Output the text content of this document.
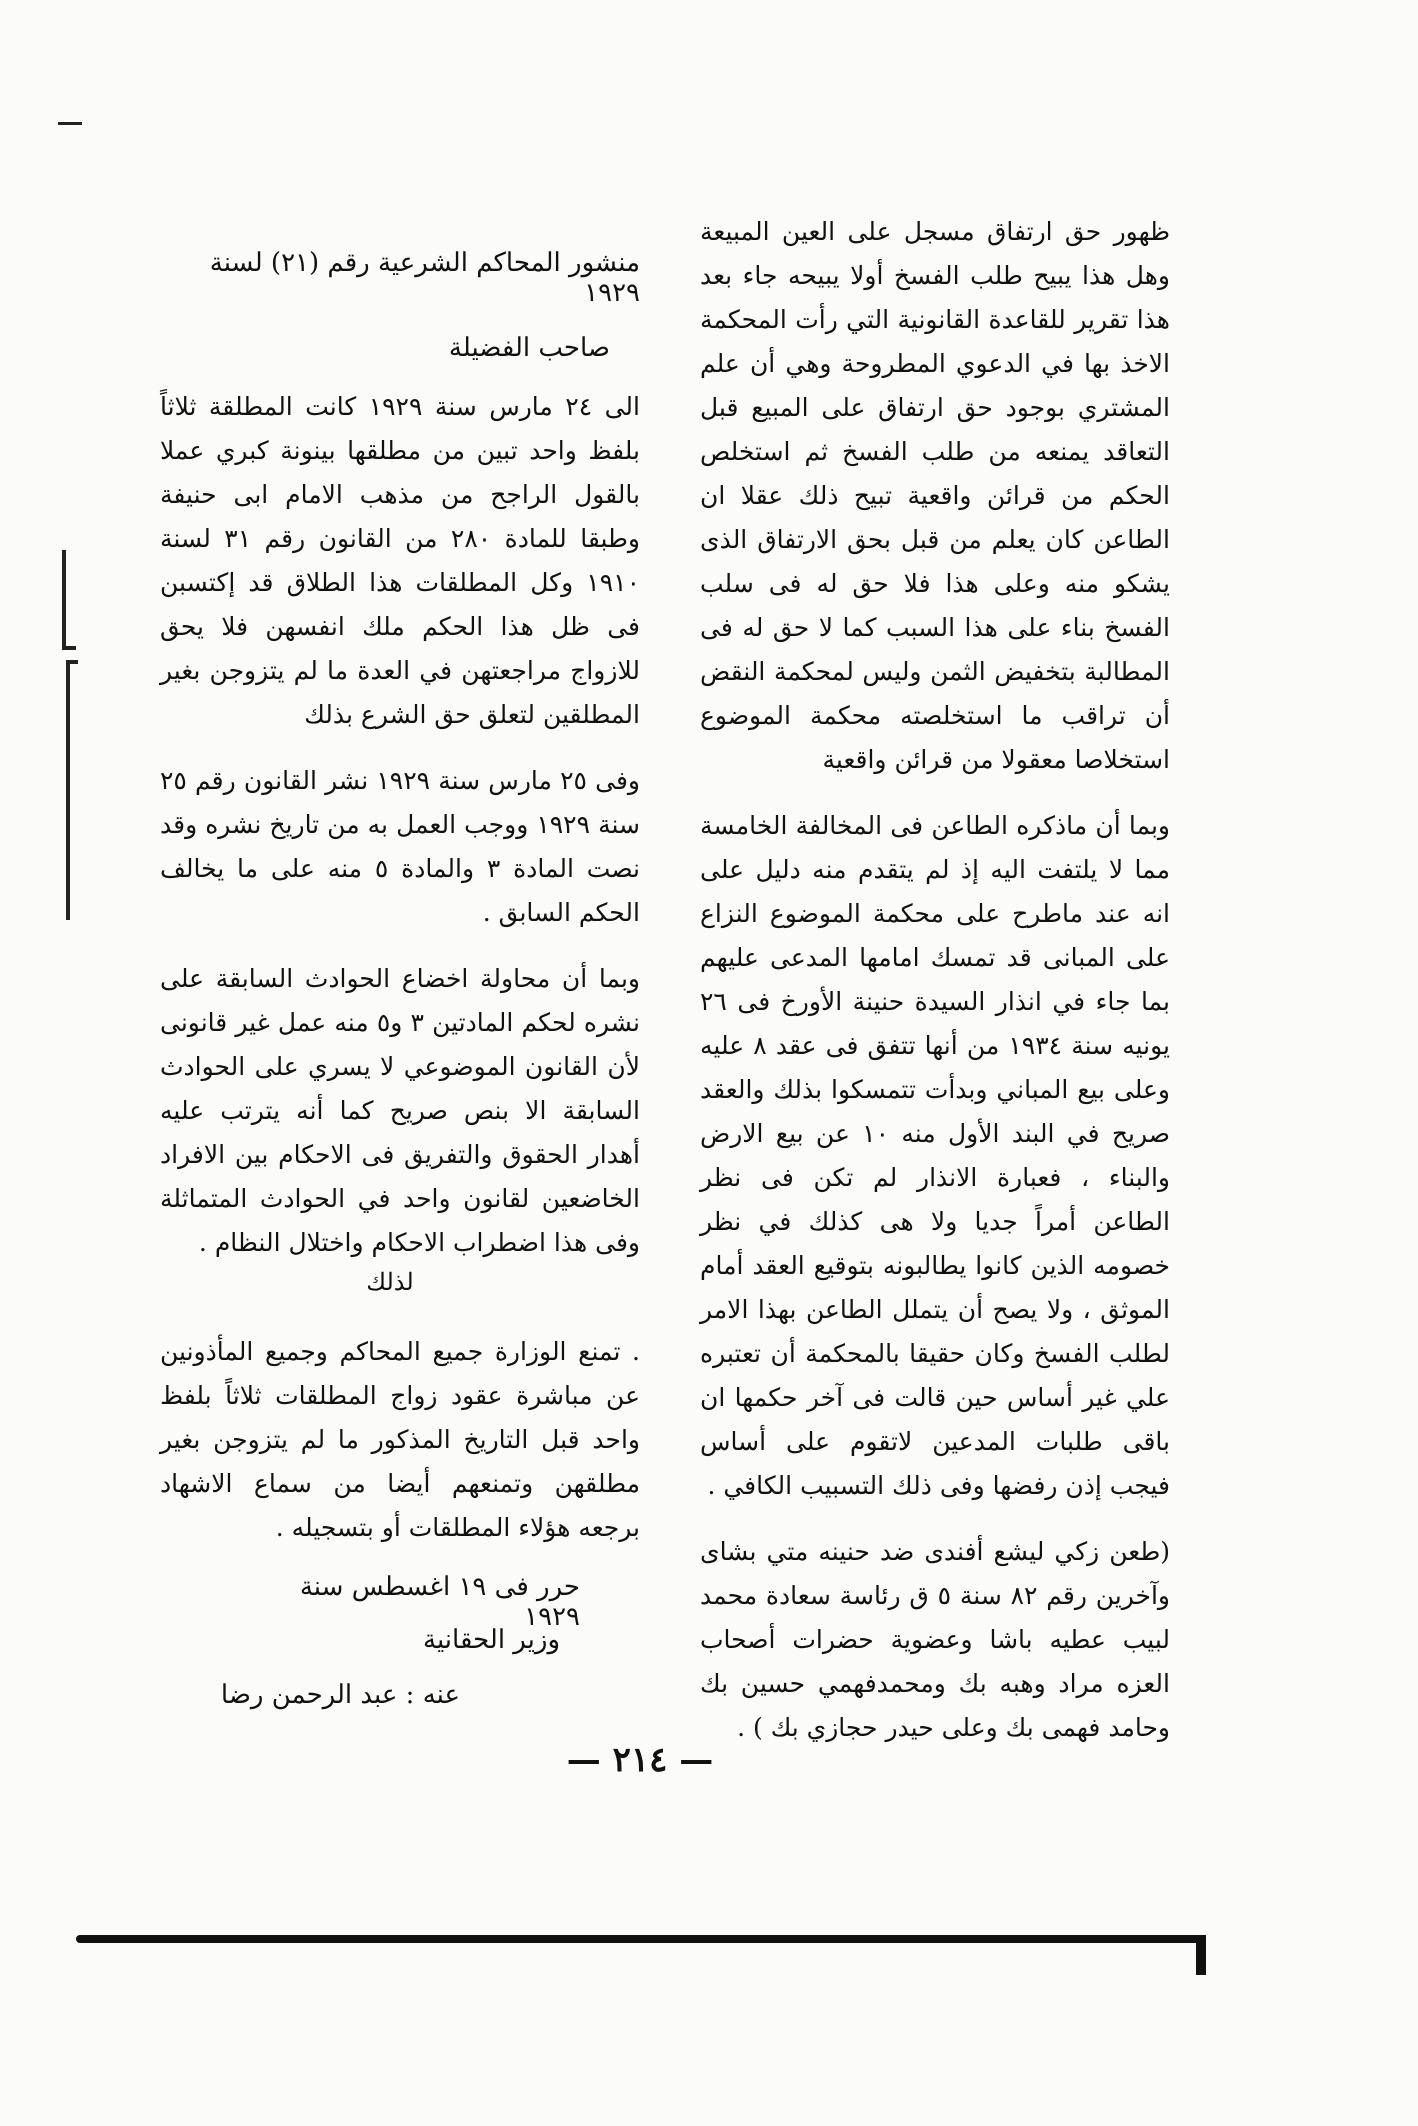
ظهور حق ارتفاق مسجل على العين المبيعة وهل هذا يبيح طلب الفسخ أولا يبيحه جاء بعد هذا تقرير للقاعدة القانونية التي رأت المحكمة الاخذ بها في الدعوي المطروحة وهي أن علم المشتري بوجود حق ارتفاق على المبيع قبل التعاقد يمنعه من طلب الفسخ ثم استخلص الحكم من قرائن واقعية تبيح ذلك عقلا ان الطاعن كان يعلم من قبل بحق الارتفاق الذى يشكو منه وعلى هذا فلا حق له فى سلب الفسخ بناء على هذا السبب كما لا حق له فى المطالبة بتخفيض الثمن وليس لمحكمة النقض أن تراقب ما استخلصته محكمة الموضوع استخلاصا معقولا من قرائن واقعية

وبما أن ماذكره الطاعن فى المخالفة الخامسة مما لا يلتفت اليه إذ لم يتقدم منه دليل على انه عند ماطرح على محكمة الموضوع النزاع على المبانى قد تمسك امامها المدعى عليهم بما جاء في انذار السيدة حنينة الأورخ فى ٢٦ يونيه سنة ١٩٣٤ من أنها تتفق فى عقد ٨ عليه وعلى بيع المباني وبدأت تتمسكوا بذلك والعقد صريح في البند الأول منه ١٠ عن بيع الارض والبناء ، فعبارة الانذار لم تكن فى نظر الطاعن أمراً جديا ولا هى كذلك في نظر خصومه الذين كانوا يطالبونه بتوقيع العقد أمام الموثق ، ولا يصح أن يتملل الطاعن بهذا الامر لطلب الفسخ وكان حقيقا بالمحكمة أن تعتبره علي غير أساس حين قالت فى آخر حكمها ان باقى طلبات المدعين لاتقوم على أساس فيجب إذن رفضها وفى ذلك التسبيب الكافي .

(طعن زكي ليشع أفندى ضد حنينه متي بشاى وآخرين رقم ٨٢ سنة ٥ ق رئاسة سعادة محمد لبيب عطيه باشا وعضوية حضرات أصحاب العزه مراد وهبه بك ومحمدفهمي حسين بك وحامد فهمى بك وعلى حيدر حجازي بك ) .

منشور المحاكم الشرعية رقم (٢١) لسنة ١٩٢٩
صاحب الفضيلة

الى ٢٤ مارس سنة ١٩٢٩ كانت المطلقة ثلاثاً بلفظ واحد تبين من مطلقها بينونة كبري عملا بالقول الراجح من مذهب الامام ابى حنيفة وطبقا للمادة ٢٨٠ من القانون رقم ٣١ لسنة ١٩١٠ وكل المطلقات هذا الطلاق قد إكتسبن فى ظل هذا الحكم ملك انفسهن فلا يحق للازواج مراجعتهن في العدة ما لم يتزوجن بغير المطلقين لتعلق حق الشرع بذلك

وفى ٢٥ مارس سنة ١٩٢٩ نشر القانون رقم ٢٥ سنة ١٩٢٩ ووجب العمل به من تاريخ نشره وقد نصت المادة ٣ والمادة ٥ منه على ما يخالف الحكم السابق .

وبما أن محاولة اخضاع الحوادث السابقة على نشره لحكم المادتين ٣ و٥ منه عمل غير قانونى لأن القانون الموضوعي لا يسري على الحوادث السابقة الا بنص صريح كما أنه يترتب عليه أهدار الحقوق والتفريق فى الاحكام بين الافراد الخاضعين لقانون واحد في الحوادث المتماثلة وفى هذا اضطراب الاحكام واختلال النظام .

لذلك

. تمنع الوزارة جميع المحاكم وجميع المأذونين عن مباشرة عقود زواج المطلقات ثلاثاً بلفظ واحد قبل التاريخ المذكور ما لم يتزوجن بغير مطلقهن وتمنعهم أيضا من سماع الاشهاد برجعه هؤلاء المطلقات أو بتسجيله .

حرر فى ١٩ اغسطس سنة ١٩٢٩
وزير الحقانية
عنه : عبد الرحمن رضا
— ٢١٤ —
